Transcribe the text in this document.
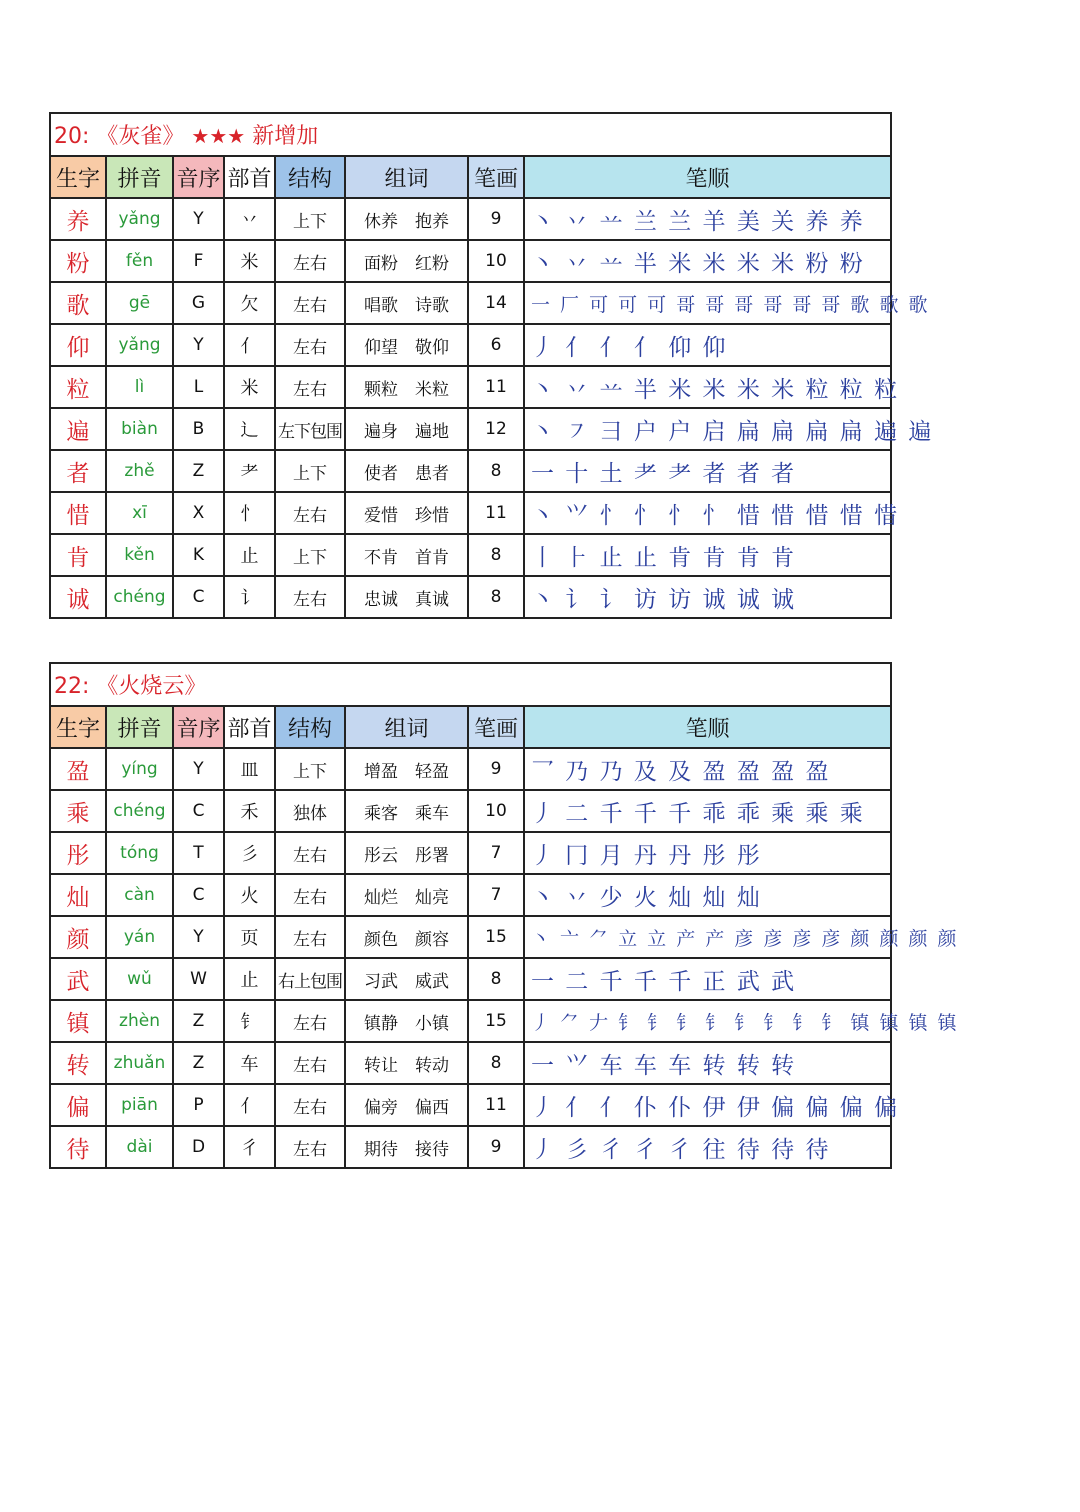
20: 《灰雀》 ★★★ 新增加							
生字	拼音	音序	部首	结构	组词	笔画	笔顺
养	yǎng	Y	丷	上下	休养　抱养	9	丶 丷 䒑 兰 兰 羊 美 关 养 养
粉	fěn	F	米	左右	面粉　红粉	10	丶 丷 䒑 半 米 米 米 米 粉 粉
歌	gē	G	欠	左右	唱歌　诗歌	14	一 厂 可 可 可 哥 哥 哥 哥 哥 哥 歌 歌 歌
仰	yǎng	Y	亻	左右	仰望　敬仰	6	丿 亻 亻 亻 仰 仰
粒	lì	L	米	左右	颗粒　米粒	11	丶 丷 䒑 半 米 米 米 米 粒 粒 粒
遍	biàn	B	辶	左下包围	遍身　遍地	12	丶 ㇇ 彐 户 户 启 扁 扁 扁 扁 遍 遍
者	zhě	Z	耂	上下	使者　患者	8	一 十 土 耂 耂 者 者 者
惜	xī	X	忄	左右	爱惜　珍惜	11	丶 ⺍ 忄 忄 忄 忄 惜 惜 惜 惜 惜
肯	kěn	K	止	上下	不肯　首肯	8	丨 ⺊ 止 止 肯 肯 肯 肯
诚	chéng	C	讠	左右	忠诚　真诚	8	丶 讠 讠 访 访 诚 诚 诚
22: 《火烧云》							
生字	拼音	音序	部首	结构	组词	笔画	笔顺
盈	yíng	Y	皿	上下	增盈　轻盈	9	乛 乃 乃 及 及 盈 盈 盈 盈
乘	chéng	C	禾	独体	乘客　乘车	10	丿 二 千 千 千 乖 乖 乘 乘 乘
彤	tóng	T	彡	左右	彤云　彤署	7	丿 冂 月 丹 丹 彤 彤
灿	càn	C	火	左右	灿烂　灿亮	7	丶 丷 少 火 灿 灿 灿
颜	yán	Y	页	左右	颜色　颜容	15	丶 亠 ⺈ 立 立 产 产 彦 彦 彦 彦 颜 颜 颜 颜
武	wǔ	W	止	右上包围	习武　威武	8	一 二 千 千 千 正 武 武
镇	zhèn	Z	钅	左右	镇静　小镇	15	丿 ⺈ 𠂇 钅 钅 钅 钅 钅 钅 钅 钅 镇 镇 镇 镇
转	zhuǎn	Z	车	左右	转让　转动	8	一 ⺍ 车 车 车 转 转 转
偏	piān	P	亻	左右	偏旁　偏西	11	丿 亻 亻 仆 仆 伊 伊 偏 偏 偏 偏
待	dài	D	彳	左右	期待　接待	9	丿 彡 彳 彳 彳 往 待 待 待
